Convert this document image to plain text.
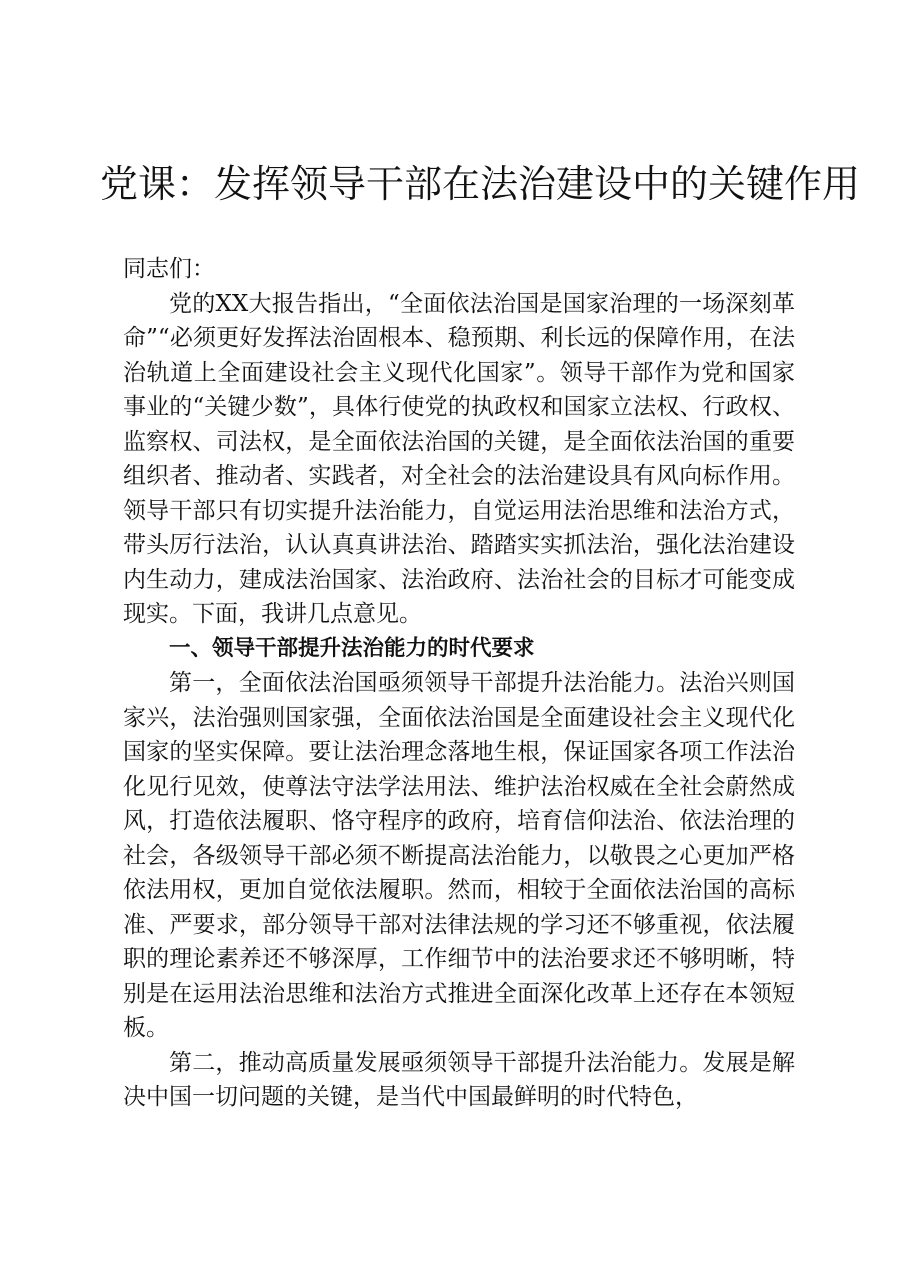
党课：发挥领导干部在法治建设中的关键作用

同志们：

党的XX大报告指出，“全面依法治国是国家治理的一场深刻革命”“必须更好发挥法治固根本、稳预期、利长远的保障作用，在法治轨道上全面建设社会主义现代化国家”。领导干部作为党和国家事业的“关键少数”，具体行使党的执政权和国家立法权、行政权、监察权、司法权，是全面依法治国的关键，是全面依法治国的重要组织者、推动者、实践者，对全社会的法治建设具有风向标作用。领导干部只有切实提升法治能力，自觉运用法治思维和法治方式，带头厉行法治，认认真真讲法治、踏踏实实抓法治，强化法治建设内生动力，建成法治国家、法治政府、法治社会的目标才可能变成现实。下面，我讲几点意见。

一、领导干部提升法治能力的时代要求

第一，全面依法治国亟须领导干部提升法治能力。法治兴则国家兴，法治强则国家强，全面依法治国是全面建设社会主义现代化国家的坚实保障。要让法治理念落地生根，保证国家各项工作法治化见行见效，使尊法守法学法用法、维护法治权威在全社会蔚然成风，打造依法履职、恪守程序的政府，培育信仰法治、依法治理的社会，各级领导干部必须不断提高法治能力，以敬畏之心更加严格依法用权，更加自觉依法履职。然而，相较于全面依法治国的高标准、严要求，部分领导干部对法律法规的学习还不够重视，依法履职的理论素养还不够深厚，工作细节中的法治要求还不够明晰，特别是在运用法治思维和法治方式推进全面深化改革上还存在本领短板。

第二，推动高质量发展亟须领导干部提升法治能力。发展是解决中国一切问题的关键，是当代中国最鲜明的时代特色，
